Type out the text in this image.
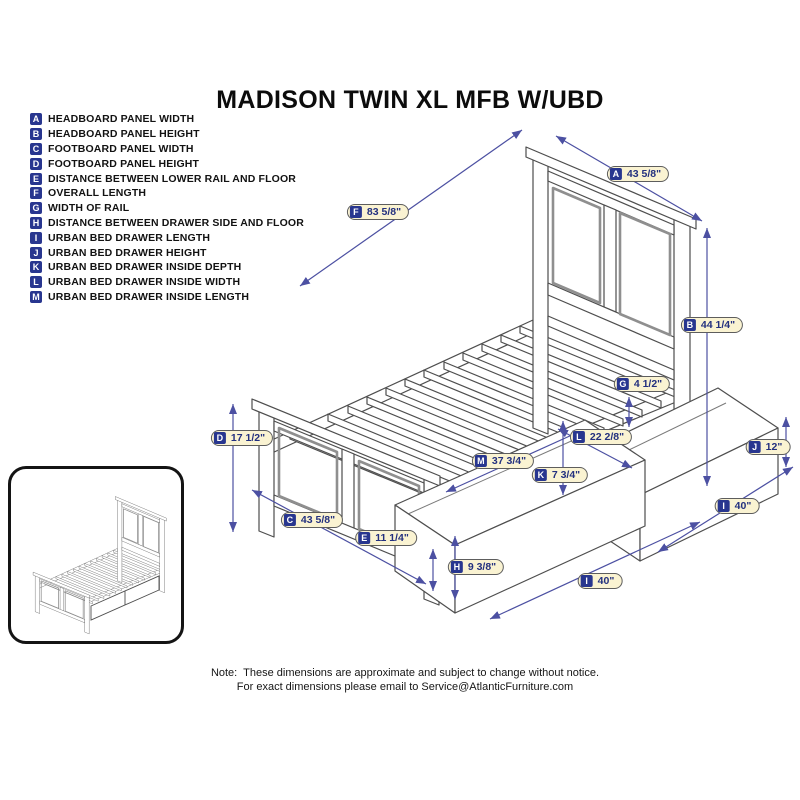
MADISON TWIN XL MFB W/UBD
A HEADBOARD PANEL WIDTH
B HEADBOARD PANEL HEIGHT
C FOOTBOARD PANEL WIDTH
D FOOTBOARD PANEL HEIGHT
E DISTANCE BETWEEN LOWER RAIL AND FLOOR
F OVERALL LENGTH
G WIDTH OF RAIL
H DISTANCE BETWEEN DRAWER SIDE AND FLOOR
I	URBAN BED DRAWER LENGTH
J URBAN BED DRAWER HEIGHT
K URBAN BED DRAWER INSIDE DEPTH
L URBAN BED DRAWER INSIDE WIDTH
M URBAN BED DRAWER INSIDE LENGTH
A 43 5/8"
F 83 5/8"
B 44 1/4"
G 4 1/2"
D 17 1/2"	L 22 2/8"
J 12"
M 37 3/4"
K 7 3/4"
I 40"
C 43 5/8"
E 11 1/4"
H 9 3/8"
I 40"
Note: These dimensions are approximate and subject to change without notice.
For exact dimensions please email to Service@AtlanticFurniture.com
